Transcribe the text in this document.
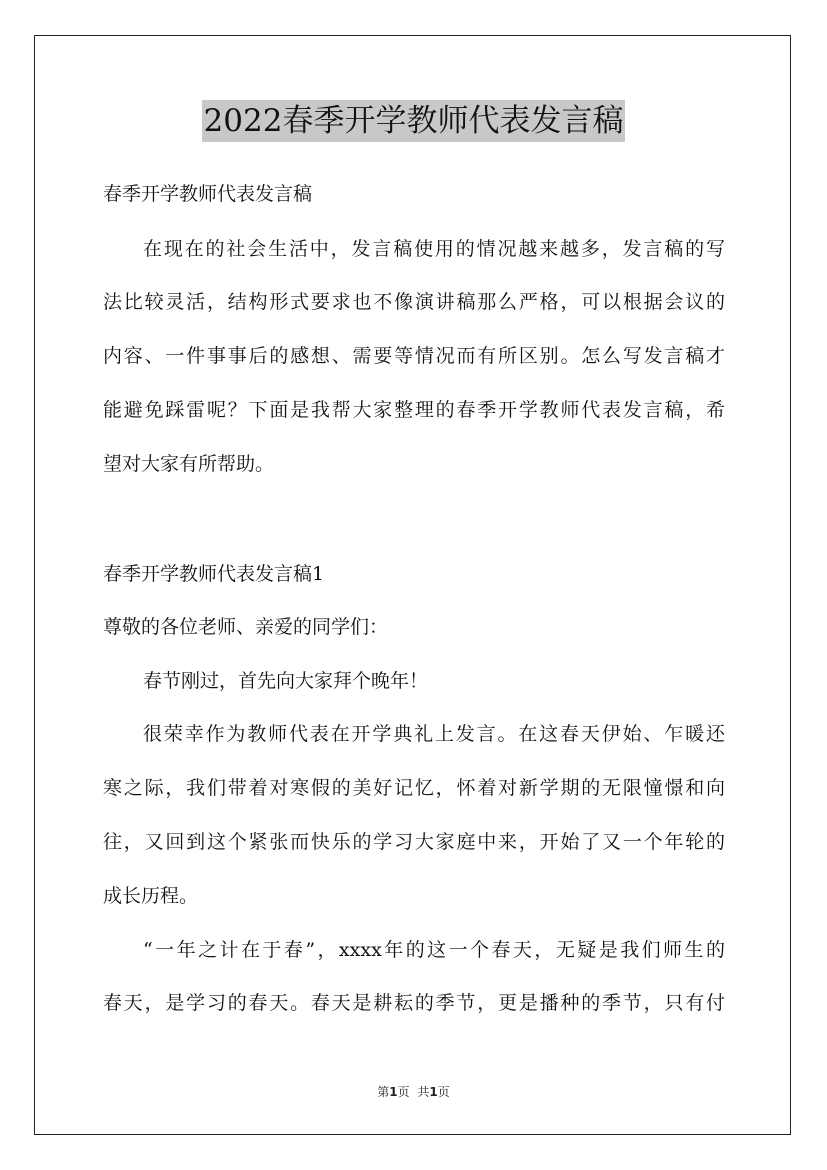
2022春季开学教师代表发言稿

春季开学教师代表发言稿

在现在的社会生活中，发言稿使用的情况越来越多，发言稿的写

法比较灵活，结构形式要求也不像演讲稿那么严格，可以根据会议的

内容、一件事事后的感想、需要等情况而有所区别。怎么写发言稿才

能避免踩雷呢？下面是我帮大家整理的春季开学教师代表发言稿，希

望对大家有所帮助。

春季开学教师代表发言稿1

尊敬的各位老师、亲爱的同学们：

春节刚过，首先向大家拜个晚年！

很荣幸作为教师代表在开学典礼上发言。在这春天伊始、乍暖还

寒之际，我们带着对寒假的美好记忆，怀着对新学期的无限憧憬和向

往，又回到这个紧张而快乐的学习大家庭中来，开始了又一个年轮的

成长历程。

“一年之计在于春”，xxxx年的这一个春天，无疑是我们师生的

春天，是学习的春天。春天是耕耘的季节，更是播种的季节，只有付

第1页 共1页
